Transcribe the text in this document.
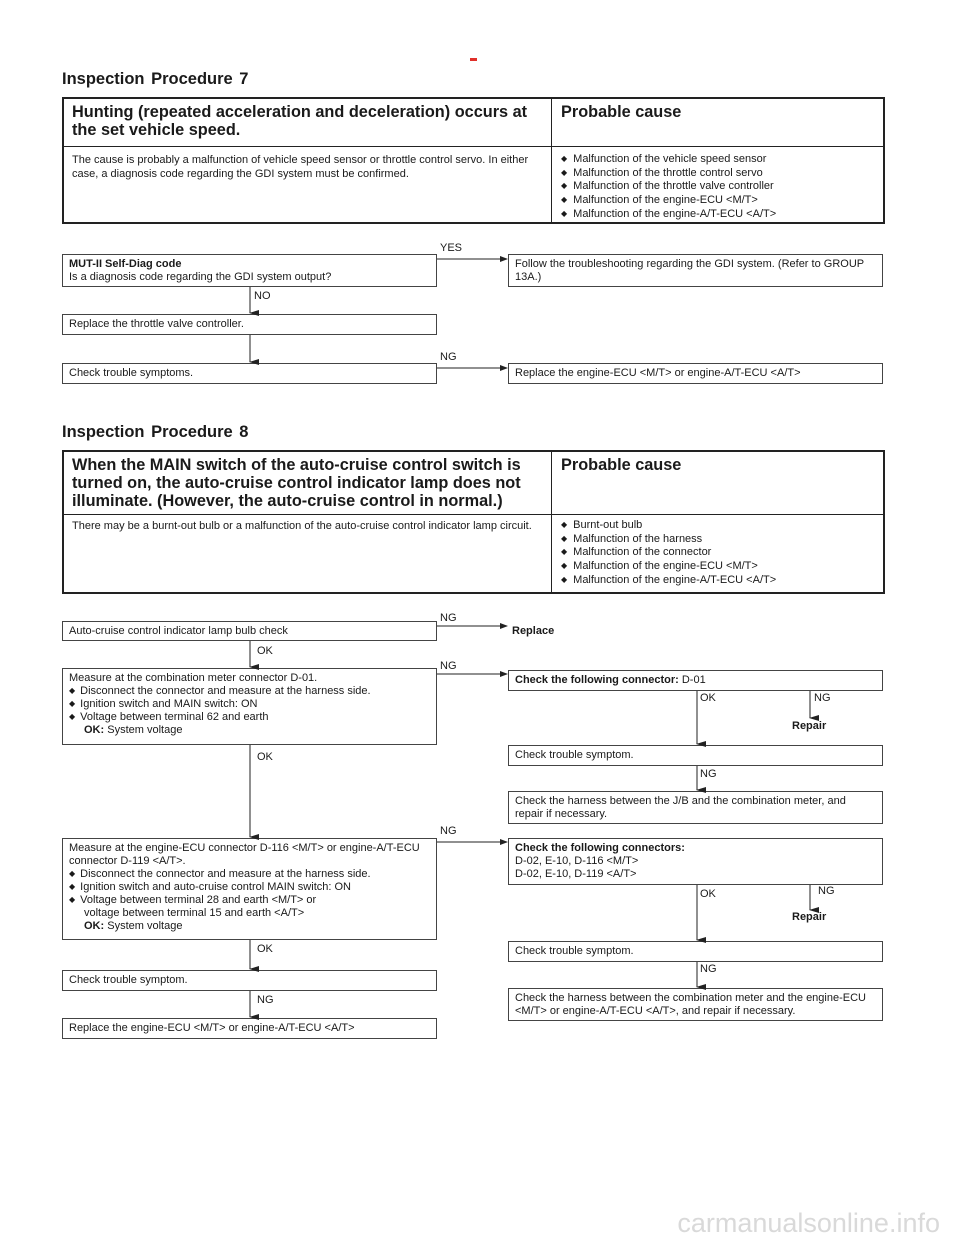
Inspection Procedure 7
Hunting (repeated acceleration and deceleration) occurs at the set vehicle speed.
Probable cause
The cause is probably a malfunction of vehicle speed sensor or throttle control servo. In either case, a diagnosis code regarding the GDI system must be confirmed.
◆ Malfunction of the vehicle speed sensor
◆ Malfunction of the throttle control servo
◆ Malfunction of the throttle valve controller
◆ Malfunction of the engine-ECU <M/T>
◆ Malfunction of the engine-A/T-ECU <A/T>
MUT-II Self-Diag code
Is a diagnosis code regarding the GDI system output?
YES
Follow the troubleshooting regarding the GDI system. (Refer to GROUP 13A.)
NO
Replace the throttle valve controller.
Check trouble symptoms.
NG
Replace the engine-ECU <M/T> or engine-A/T-ECU <A/T>
Inspection Procedure 8
When the MAIN switch of the auto-cruise control switch is turned on, the auto-cruise control indicator lamp does not illuminate. (However, the auto-cruise control in normal.)
Probable cause
There may be a burnt-out bulb or a malfunction of the auto-cruise control indicator lamp circuit.
◆	Burnt-out bulb
◆ Malfunction of the harness
◆ Malfunction of the connector
◆ Malfunction of the engine-ECU <M/T>
◆ Malfunction of the engine-A/T-ECU <A/T>
Auto-cruise control indicator lamp bulb check
NG
Replace
OK
Measure at the combination meter connector D-01.
◆ Disconnect the connector and measure at the harness side.
◆ Ignition switch and MAIN switch: ON
◆ Voltage between terminal 62 and earth
OK: System voltage
NG
Check the following connector: D-01
OK	NG
Repair
Check trouble symptom.
OK
NG
Check the harness between the J/B and the combination meter, and repair if necessary.
Measure at the engine-ECU connector D-116 <M/T> or engine-A/T-ECU connector D-119 <A/T>.
◆ Disconnect the connector and measure at the harness side.
◆ Ignition switch and auto-cruise control MAIN switch: ON
◆ Voltage between terminal 28 and earth <M/T> or
voltage between terminal 15 and earth <A/T>
OK: System voltage
NG
Check the following connectors:
D-02, E-10, D-116 <M/T>
D-02, E-10, D-119 <A/T>
OK	NG
Repair
OK	Check trouble symptom.
NG
Check trouble symptom.
Check the harness between the combination meter and the engine-ECU <M/T> or engine-A/T-ECU <A/T>, and repair if necessary.
NG
Replace the engine-ECU <M/T> or engine-A/T-ECU <A/T>
carmanualsonline.info
